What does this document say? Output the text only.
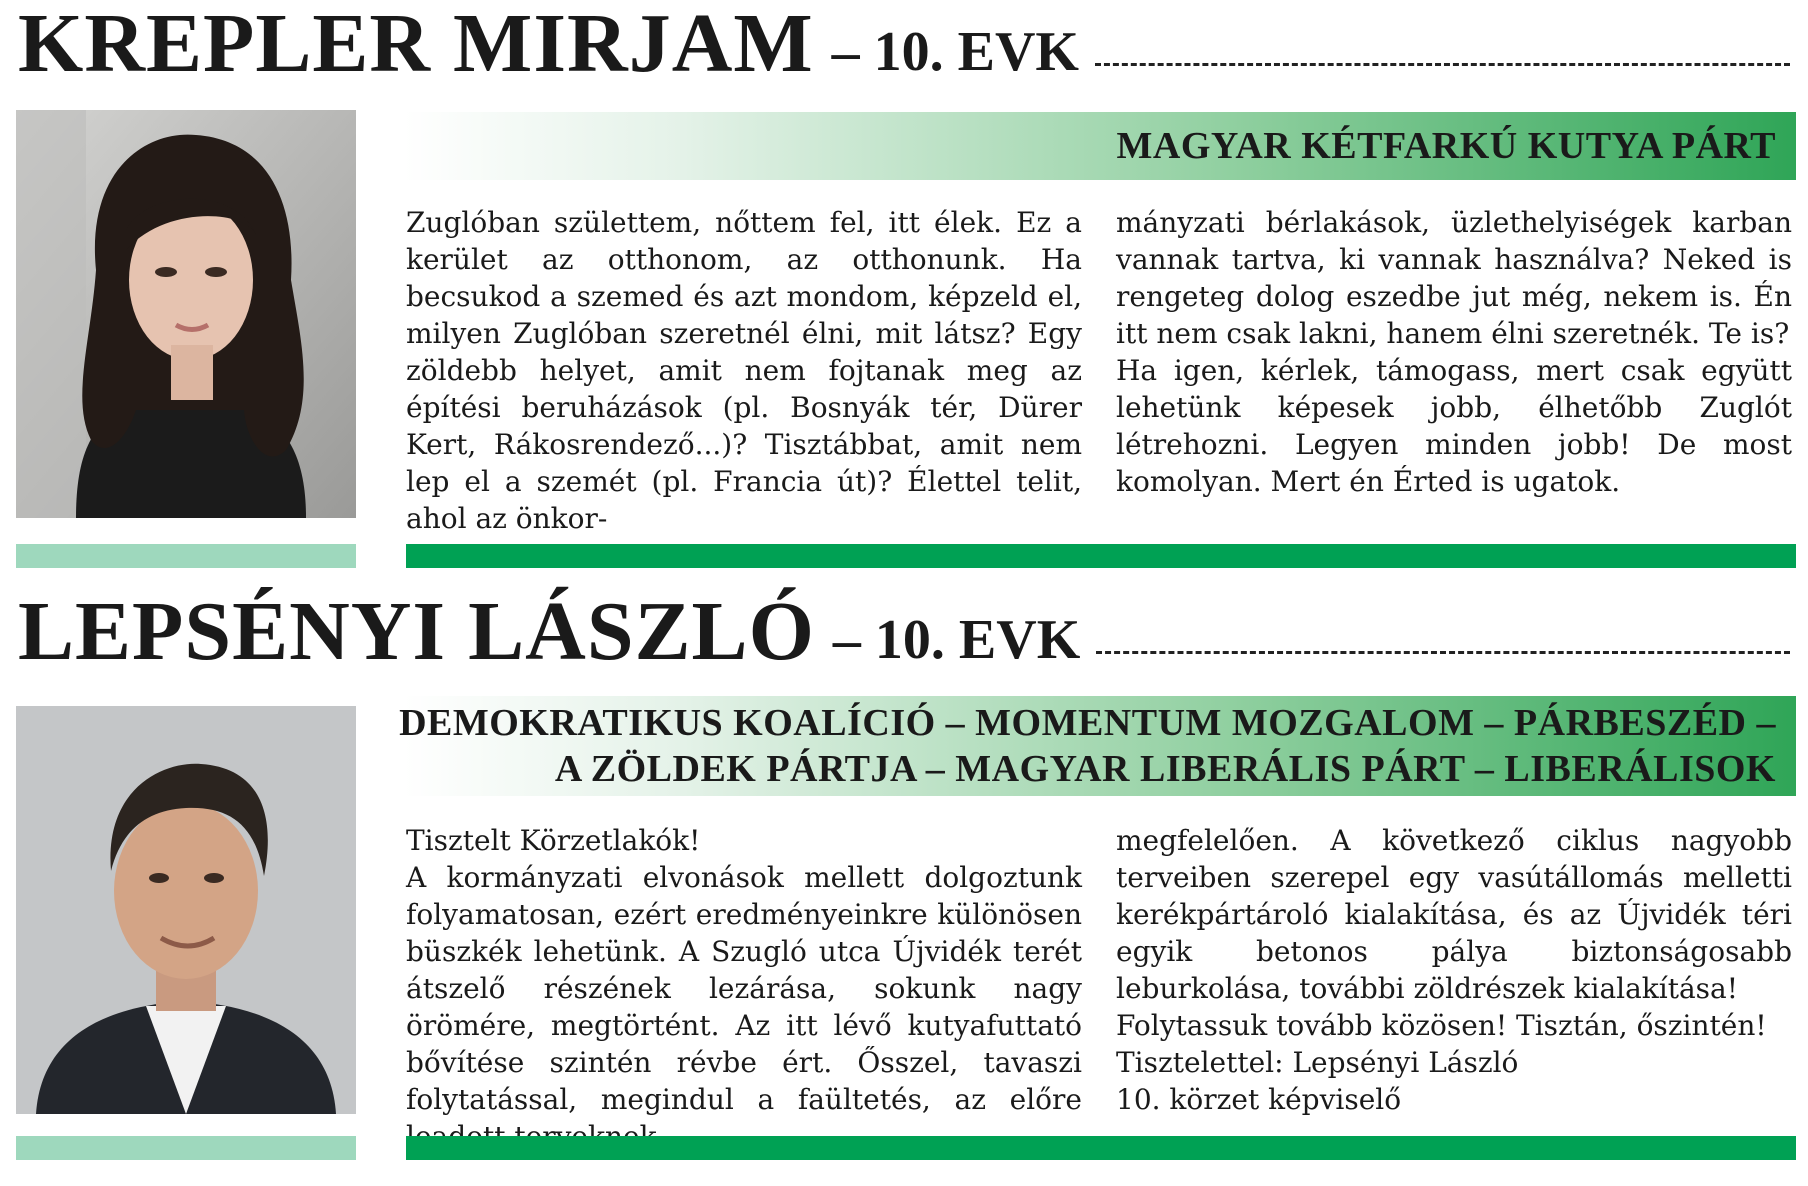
KREPLER MIRJAM – 10. EVK
MAGYAR KÉTFARKÚ KUTYA PÁRT
Zuglóban születtem, nőttem fel, itt élek. Ez a kerület az otthonom, az otthonunk. Ha becsukod a szemed és azt mondom, képzeld el, milyen Zuglóban szeretnél élni, mit látsz? Egy zöldebb helyet, amit nem fojtanak meg az építési beruházások (pl. Bosnyák tér, Dürer Kert, Rákosrendező...)? Tisztábbat, amit nem lep el a szemét (pl. Francia út)? Élettel telit, ahol az önkor-
mányzati bérlakások, üzlethelyiségek karban vannak tartva, ki vannak használva? Neked is rengeteg dolog eszedbe jut még, nekem is. Én itt nem csak lakni, hanem élni szeretnék. Te is?
Ha igen, kérlek, támogass, mert csak együtt lehetünk képesek jobb, élhetőbb Zuglót létrehozni. Legyen minden jobb! De most komolyan. Mert én Érted is ugatok.
LEPSÉNYI LÁSZLÓ – 10. EVK
DEMOKRATIKUS KOALÍCIÓ – MOMENTUM MOZGALOM – PÁRBESZÉD –
A ZÖLDEK PÁRTJA – MAGYAR LIBERÁLIS PÁRT – LIBERÁLISOK
Tisztelt Körzetlakók!
A kormányzati elvonások mellett dolgoztunk folyamatosan, ezért eredményeinkre különösen büszkék lehetünk. A Szugló utca Újvidék terét átszelő részének lezárása, sokunk nagy örömére, megtörtént. Az itt lévő kutyafuttató bővítése szintén révbe ért. Ősszel, tavaszi folytatással, megindul a faültetés, az előre
megfelelően. A következő ciklus nagyobb terveiben szerepel egy vasútállomás melletti kerékpártároló kialakítása, és az Újvidék téri egyik betonos pálya biztonságosabb leburkolása, további zöldrészek kialakítása!
Folytassuk tovább közösen! Tisztán, őszintén!
Tisztelettel: Lepsényi László
10. körzet képviselő
